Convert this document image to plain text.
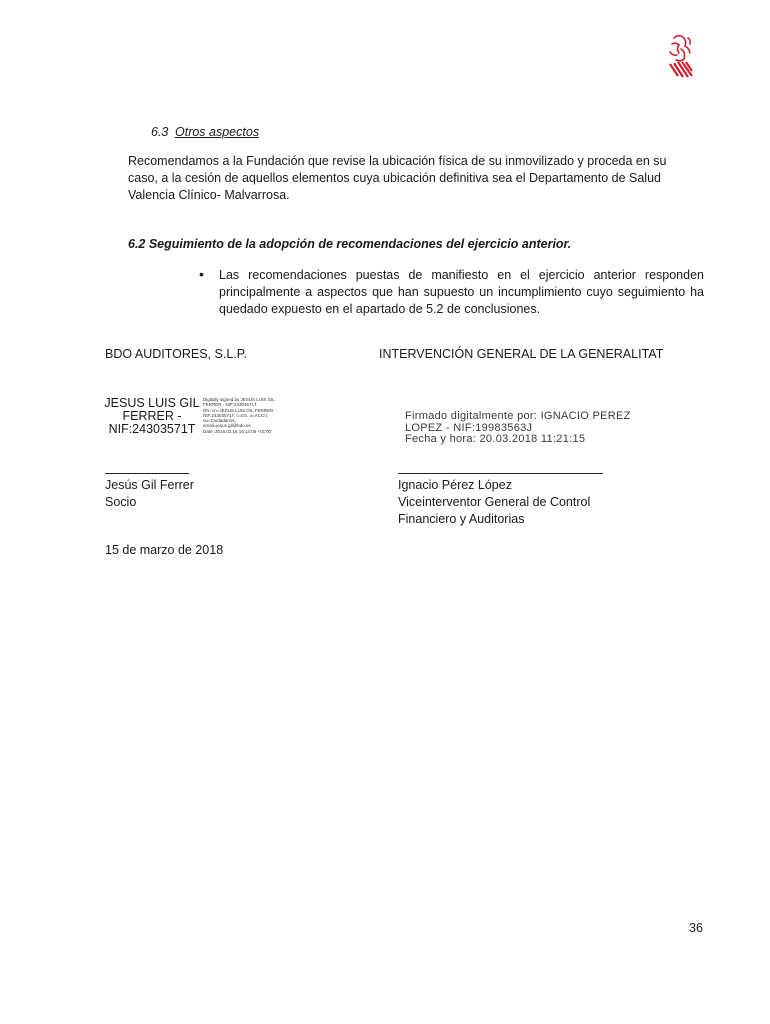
6.3 Otros aspectos
Recomendamos a la Fundación que revise la ubicación física de su inmovilizado y proceda en su caso, a la cesión de aquellos elementos cuya ubicación definitiva sea el Departamento de Salud Valencia Clínico- Malvarrosa.
6.2 Seguimiento de la adopción de recomendaciones del ejercicio anterior.
• Las recomendaciones puestas de manifiesto en el ejercicio anterior responden principalmente a aspectos que han supuesto un incumplimiento cuyo seguimiento ha quedado expuesto en el apartado de 5.2 de conclusiones.
BDO AUDITORES, S.L.P.	INTERVENCIÓN GENERAL DE LA GENERALITAT
JESUS LUIS GIL
FERRER -
NIF:24303571T
Digitally signed by JESUS LUIS GIL
FERRER - NIF:24303571T
DN: cn=JESUS LUIS GIL FERRER -
NIF:24303571T, c=ES, o=ACCV,
ou=Ciudadanos,
email=jesus.gil@bdo.es
Date: 2018.03.15 15:14:06 +01'00'
Firmado digitalmente por: IGNACIO PEREZ
LOPEZ - NIF:19983563J
Fecha y hora: 20.03.2018 11:21:15
Jesús Gil Ferrer
Socio
Ignacio Pérez López
Viceinterventor General de Control
Financiero y Auditorias
15 de marzo de 2018
36
